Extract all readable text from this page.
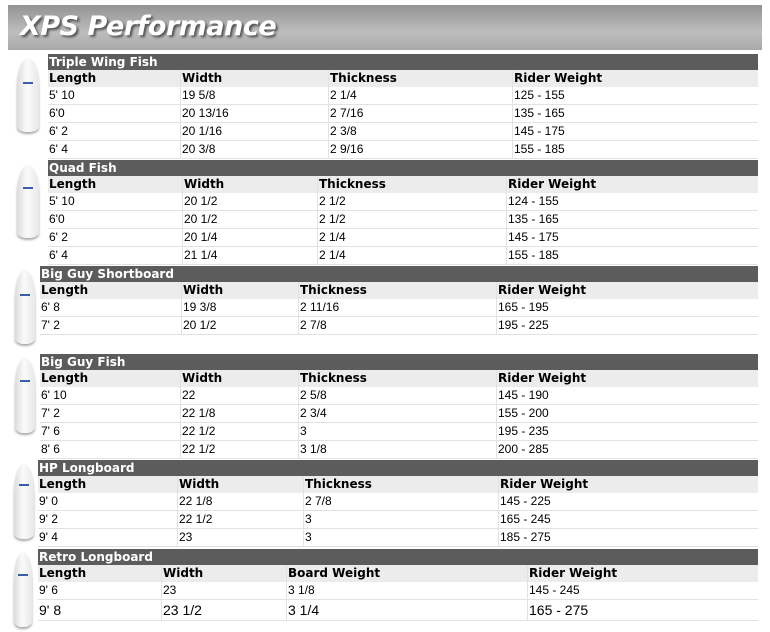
XPS Performance
Triple Wing Fish
Length	Width	Thickness	Rider Weight
5' 10	19 5/8	2 1/4	125 - 155
6'0	20 13/16	2 7/16	135 - 165
6' 2	20 1/16	2 3/8	145 - 175
6' 4	20 3/8	2 9/16	155 - 185
Quad Fish
Length	Width	Thickness	Rider Weight
5' 10	20 1/2	2 1/2	124 - 155
6'0	20 1/2	2 1/2	135 - 165
6' 2	20 1/4	2 1/4	145 - 175
6' 4	21 1/4	2 1/4	155 - 185
Big Guy Shortboard
Length	Width	Thickness	Rider Weight
6' 8	19 3/8	2 11/16	165 - 195
7' 2	20 1/2	2 7/8	195 - 225
Big Guy Fish
Length	Width	Thickness	Rider Weight
6' 10	22	2 5/8	145 - 190
7' 2	22 1/8	2 3/4	155 - 200
7' 6	22 1/2	3	195 - 235
8' 6	22 1/2	3 1/8	200 - 285
HP Longboard
Length	Width	Thickness	Rider Weight
9' 0	22 1/8	2 7/8	145 - 225
9' 2	22 1/2	3	165 - 245
9' 4	23	3	185 - 275
Retro Longboard
Length	Width	Board Weight	Rider Weight
9' 6	23	3 1/8	145 - 245
9' 8	23 1/2	3 1/4	165 - 275
